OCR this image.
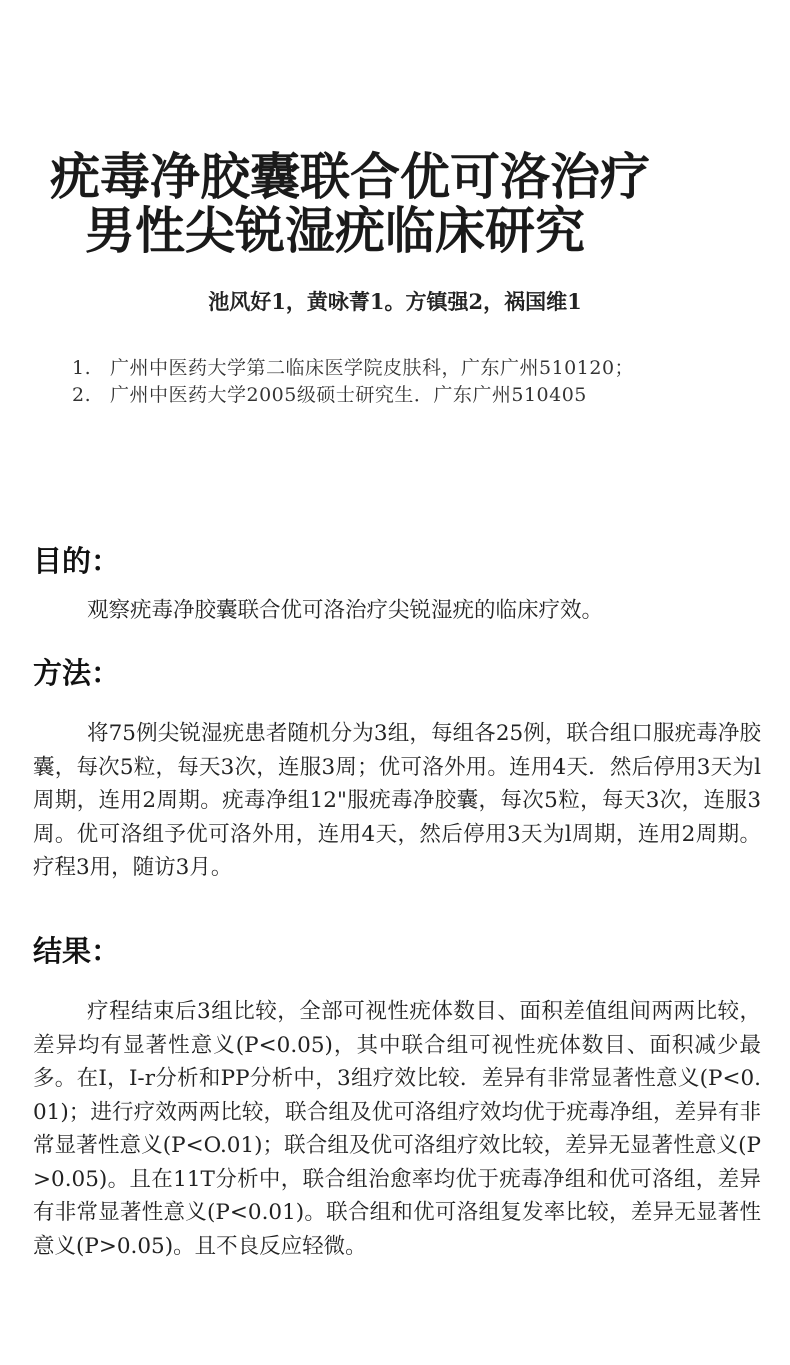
疣毒净胶囊联合优可洛治疗
男性尖锐湿疣临床研究

池风好1，黄咏菁1。方镇强2，祸国维1

1. 广州中医药大学第二临床医学院皮肤科，广东广州510120；
2. 广州中医药大学2005级硕士研究生．广东广州510405
目的：

观察疣毒净胶囊联合优可洛治疗尖锐湿疣的临床疗效。

方法：

将75例尖锐湿疣患者随机分为3组，每组各25例，联合组口服疣毒净胶囊，每次5粒，每天3次，连服3周；优可洛外用。连用4天．然后停用3天为l周期，连用2周期。疣毒净组12"服疣毒净胶囊，每次5粒，每天3次，连服3周。优可洛组予优可洛外用，连用4天，然后停用3天为l周期，连用2周期。疗程3用，随访3月。

结果：

疗程结束后3组比较，全部可视性疣体数目、面积差值组间两两比较，差异均有显著性意义(P<0.05)，其中联合组可视性疣体数目、面积减少最多。在I，I-r分析和PP分析中，3组疗效比较．差异有非常显著性意义(P<0.01)；进行疗效两两比较，联合组及优可洛组疗效均优于疣毒净组，差异有非常显著性意义(P<O.01)；联合组及优可洛组疗效比较，差异无显著性意义(P>0.05)。且在11T分析中，联合组治愈率均优于疣毒净组和优可洛组，差异有非常显著性意义(P<0.01)。联合组和优可洛组复发率比较，差异无显著性意义(P>0.05)。且不良反应轻微。
